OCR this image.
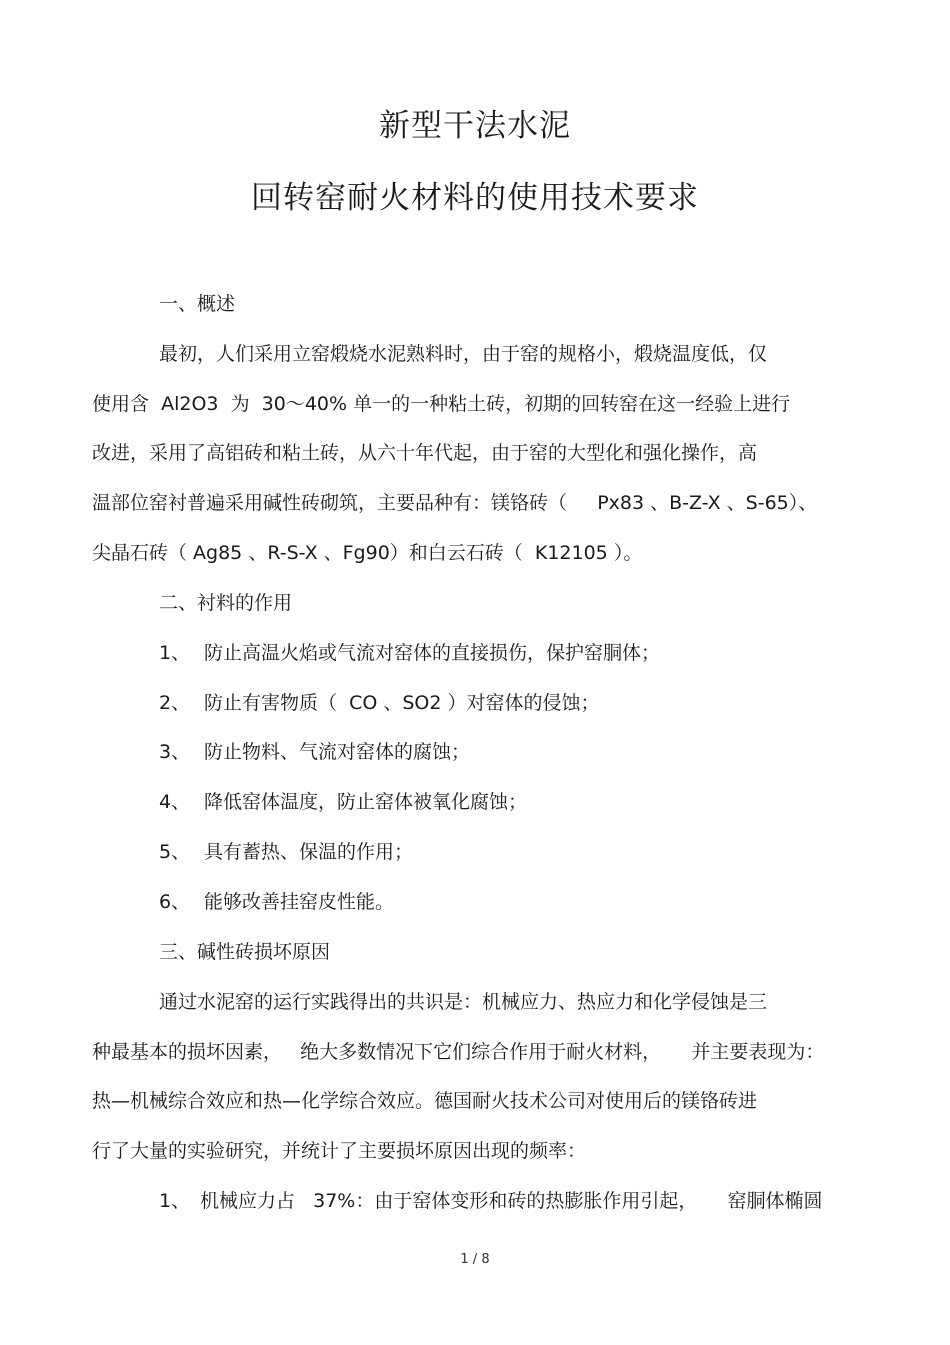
新型干法水泥
回转窑耐火材料的使用技术要求
一、概述
最初，人们采用立窑煅烧水泥熟料时，由于窑的规格小，煅烧温度低，仅
使用含  Al2O3  为  30～40% 单一的一种粘土砖，初期的回转窑在这一经验上进行
改进，采用了高铝砖和粘土砖，从六十年代起，由于窑的大型化和强化操作，高
温部位窑衬普遍采用碱性砖砌筑，主要品种有：镁铬砖（     Px83 、B-Z-X 、S-65）、
尖晶石砖（ Ag85 、R-S-X 、Fg90）和白云石砖（  K12105 ）。
二、衬料的作用
1、 防止高温火焰或气流对窑体的直接损伤，保护窑胴体；
2、 防止有害物质（  CO 、SO2 ）对窑体的侵蚀；
3、 防止物料、气流对窑体的腐蚀；
4、 降低窑体温度，防止窑体被氧化腐蚀；
5、 具有蓄热、保温的作用；
6、 能够改善挂窑皮性能。
三、碱性砖损坏原因
通过水泥窑的运行实践得出的共识是：机械应力、热应力和化学侵蚀是三
种最基本的损坏因素，   绝大多数情况下它们综合作用于耐火材料，     并主要表现为：
热—机械综合效应和热—化学综合效应。德国耐火技术公司对使用后的镁铬砖进
行了大量的实验研究，并统计了主要损坏原因出现的频率：
1、 机械应力占   37%：由于窑体变形和砖的热膨胀作用引起，     窑胴体椭圆
1 / 8
